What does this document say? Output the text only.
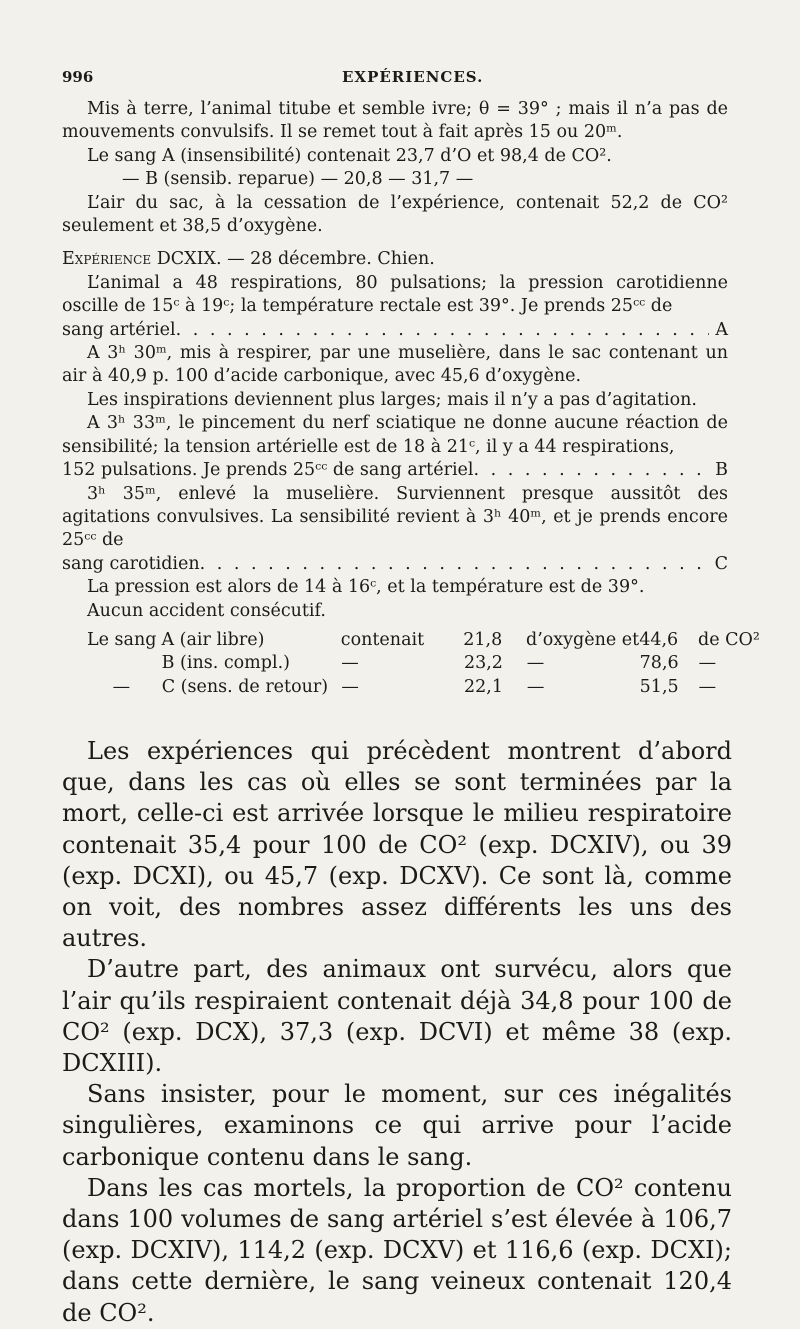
996	EXPÉRIENCES.

Mis à terre, l’animal titube et semble ivre; θ = 39° ; mais il n’a pas de mouvements convulsifs. Il se remet tout à fait après 15 ou 20ᵐ.

Le sang A (insensibilité) contenait 23,7 d’O et 98,4 de CO².
— B (sensib. reparue) — 20,8 — 31,7 —

L’air du sac, à la cessation de l’expérience, contenait 52,2 de CO² seulement et 38,5 d’oxygène.

Expérience DCXIX. — 28 décembre. Chien.

L’animal a 48 respirations, 80 pulsations; la pression carotidienne oscille de 15ᶜ à 19ᶜ; la température rectale est 39°. Je prends 25ᶜᶜ de

sang artériel . . .	A

A 3ʰ 30ᵐ, mis à respirer, par une muselière, dans le sac contenant un air à 40,9 p. 100 d’acide carbonique, avec 45,6 d’oxygène.

Les inspirations deviennent plus larges; mais il n’y a pas d’agitation.

A 3ʰ 33ᵐ, le pincement du nerf sciatique ne donne aucune réaction de sensibilité; la tension artérielle est de 18 à 21ᶜ, il y a 44 respirations,

152 pulsations. Je prends 25ᶜᶜ de sang artériel . . .	B

3ʰ 35ᵐ, enlevé la muselière. Surviennent presque aussitôt des agitations convulsives. La sensibilité revient à 3ʰ 40ᵐ, et je prends encore 25ᶜᶜ de

sang carotidien . . .	C

La pression est alors de 14 à 16ᶜ, et la température est de 39°.

Aucun accident consécutif.

Le sang A (air libre)	contenait	21,8	d’oxygène et 44,6	de CO²
B (ins. compl.)	—	23,2	—	78,6	—
—	C (sens. de retour) —	22,1	—	51,5	—

Les expériences qui précèdent montrent d’abord que, dans les cas où elles se sont terminées par la mort, celle-ci est arrivée lorsque le milieu respiratoire contenait 35,4 pour 100 de CO² (exp. DCXIV), ou 39 (exp. DCXI), ou 45,7 (exp. DCXV). Ce sont là, comme on voit, des nombres assez différents les uns des autres.

D’autre part, des animaux ont survécu, alors que l’air qu’ils respiraient contenait déjà 34,8 pour 100 de CO² (exp. DCX), 37,3 (exp. DCVI) et même 38 (exp. DCXIII).

Sans insister, pour le moment, sur ces inégalités singulières, examinons ce qui arrive pour l’acide carbonique contenu dans le sang.

Dans les cas mortels, la proportion de CO² contenu dans 100 volumes de sang artériel s’est élevée à 106,7 (exp. DCXIV), 114,2 (exp. DCXV) et 116,6 (exp. DCXI); dans cette dernière, le sang veineux contenait 120,4 de CO².
